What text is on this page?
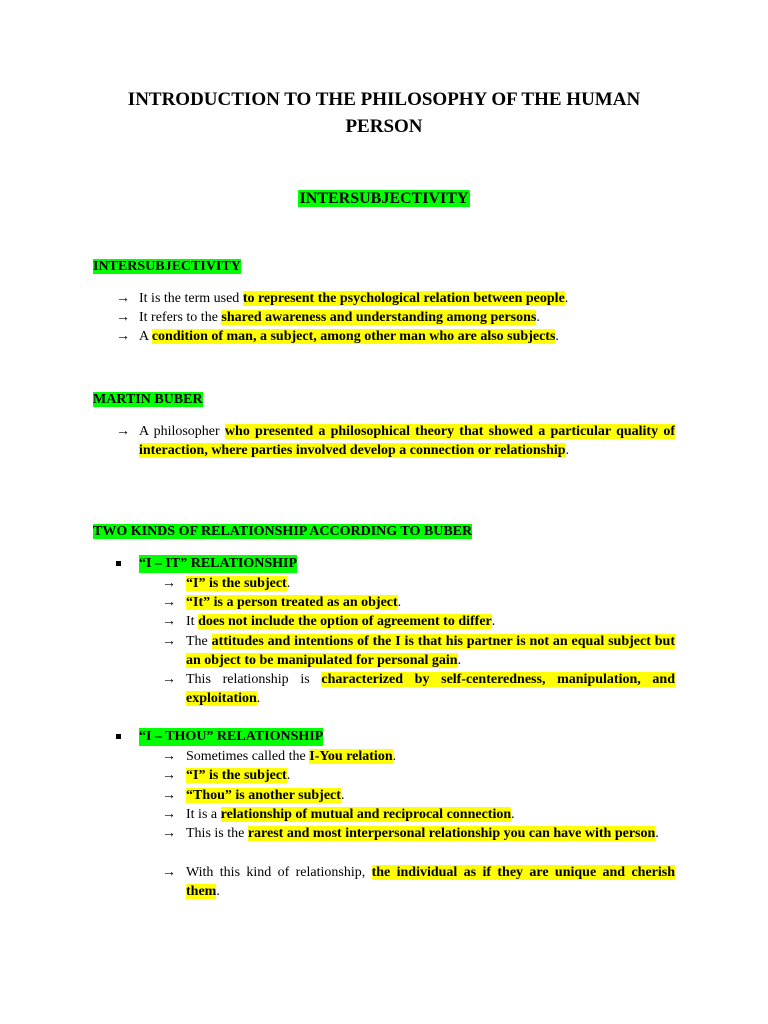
INTRODUCTION TO THE PHILOSOPHY OF THE HUMAN PERSON
INTERSUBJECTIVITY
INTERSUBJECTIVITY
→ It is the term used to represent the psychological relation between people.
→ It refers to the shared awareness and understanding among persons.
→ A condition of man, a subject, among other man who are also subjects.
MARTIN BUBER
→ A philosopher who presented a philosophical theory that showed a particular quality of interaction, where parties involved develop a connection or relationship.
TWO KINDS OF RELATIONSHIP ACCORDING TO BUBER
“I – IT” RELATIONSHIP
→ “I” is the subject.
→ “It” is a person treated as an object.
→ It does not include the option of agreement to differ.
→ The attitudes and intentions of the I is that his partner is not an equal subject but an object to be manipulated for personal gain.
→ This relationship is characterized by self-centeredness, manipulation, and exploitation.
“I – THOU” RELATIONSHIP
→ Sometimes called the I-You relation.
→ “I” is the subject.
→ “Thou” is another subject.
→ It is a relationship of mutual and reciprocal connection.
→ This is the rarest and most interpersonal relationship you can have with person.
→ With this kind of relationship, the individual as if they are unique and cherish them.
